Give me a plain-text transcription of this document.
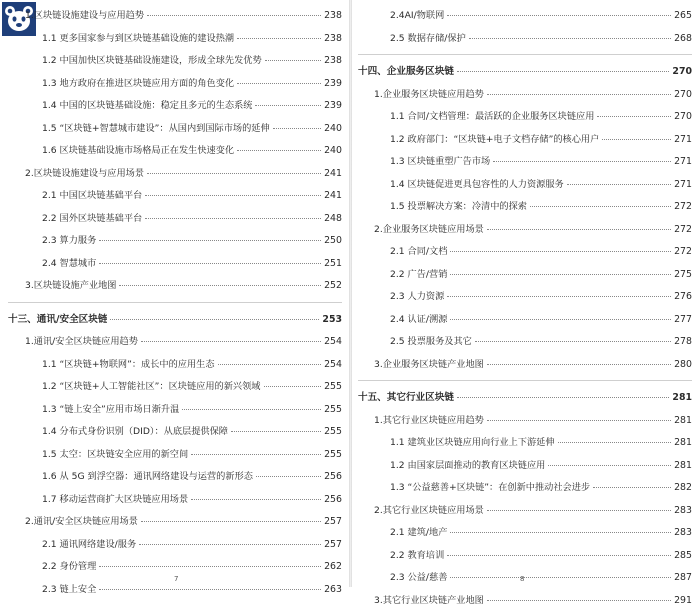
1.区块链设施建设与应用趋势	238
1.1 更多国家参与到区块链基础设施的建设热潮	238
1.2 中国加快区块链基础设施建设，形成全球先发优势	238
1.3 地方政府在推进区块链应用方面的角色变化	239
1.4 中国的区块链基础设施：稳定且多元的生态系统	239
1.5 “区块链+智慧城市建设”：从国内到国际市场的延伸	240
1.6 区块链基础设施市场格局正在发生快速变化	240
2.区块链设施建设与应用场景	241
2.1 中国区块链基础平台	241
2.2 国外区块链基础平台	248
2.3 算力服务	250
2.4 智慧城市	251
3.区块链设施产业地图	252
十三、通讯/安全区块链	253
1.通讯/安全区块链应用趋势	254
1.1 “区块链+物联网”：成长中的应用生态	254
1.2 “区块链+人工智能社区”：区块链应用的新兴领域	255
1.3 “链上安全”应用市场日渐升温	255
1.4 分布式身份识别（DID）：从底层提供保障	255
1.5 太空：区块链安全应用的新空间	255
1.6 从 5G 到浮空器：通讯网络建设与运营的新形态	256
1.7 移动运营商扩大区块链应用场景	256
2.通讯/安全区块链应用场景	257
2.1 通讯网络建设/服务	257
2.2 身份管理	262
2.3 链上安全	263
7
2.4AI/物联网	265
2.5 数据存储/保护	268
十四、企业服务区块链	270
1.企业服务区块链应用趋势	270
1.1 合同/文档管理：最活跃的企业服务区块链应用	270
1.2 政府部门：“区块链+电子文档存储”的核心用户	271
1.3 区块链重塑广告市场	271
1.4 区块链促进更具包容性的人力资源服务	271
1.5 投票解决方案：冷清中的探索	272
2.企业服务区块链应用场景	272
2.1 合同/文档	272
2.2 广告/营销	275
2.3 人力资源	276
2.4 认证/溯源	277
2.5 投票服务及其它	278
3.企业服务区块链产业地图	280
十五、其它行业区块链	281
1.其它行业区块链应用趋势	281
1.1 建筑业区块链应用向行业上下游延伸	281
1.2 由国家层面推动的教育区块链应用	281
1.3 “公益慈善+区块链”：在创新中推动社会进步	282
2.其它行业区块链应用场景	283
2.1 建筑/地产	283
2.2 教育培训	285
2.3 公益/慈善	287
3.其它行业区块链产业地图	291
8
